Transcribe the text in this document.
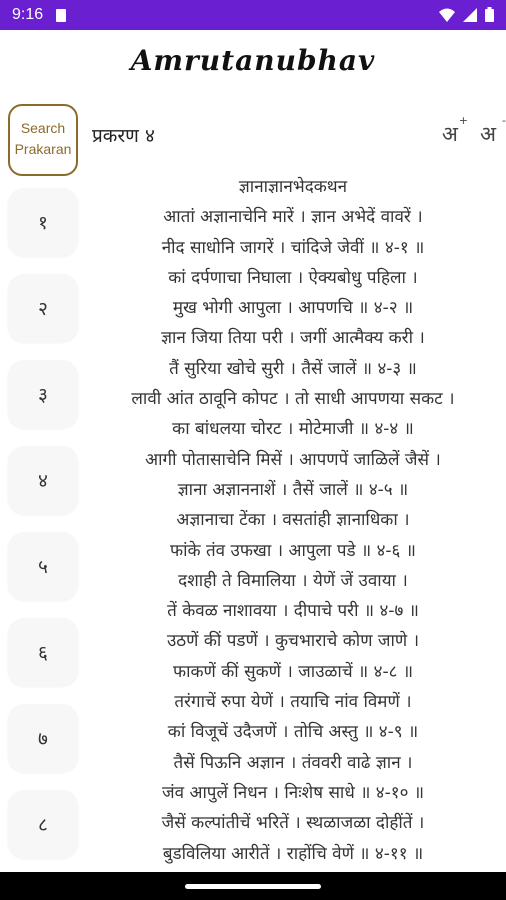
9:16
Amrutanubhav
Search
Prakaran
प्रकरण ४	अ
+
अ
-
१
२
३
४
५
६
७
८
ज्ञानाज्ञानभेदकथन
आतां अज्ञानाचेनि मारें । ज्ञान अभेदें वावरें ।
नीद साधोनि जागरें । चांदिजे जेवीं ॥ ४-१ ॥
कां दर्पणाचा निघाला । ऐक्यबोधु पहिला ।
मुख भोगी आपुला । आपणचि ॥ ४-२ ॥
ज्ञान जिया तिया परी । जगीं आत्मैक्य करी ।
तैं सुरिया खोचे सुरी । तैसें जालें ॥ ४-३ ॥
लावी आंत ठावूनि कोपट । तो साधी आपणया सकट ।
का बांधलया चोरट । मोटेमाजी ॥ ४-४ ॥
आगी पोतासाचेनि मिसें । आपणपें जाळिलें जैसें ।
ज्ञाना अज्ञाननाशें । तैसें जालें ॥ ४-५ ॥
अज्ञानाचा टेंका । वसतांही ज्ञानाधिका ।
फांके तंव उफखा । आपुला पडे ॥ ४-६ ॥
दशाही ते विमालिया । येणें जें उवाया ।
तें केवळ नाशावया । दीपाचे परी ॥ ४-७ ॥
उठणें कीं पडणें । कुचभाराचे कोण जाणे ।
फाकणें कीं सुकणें । जाउळाचें ॥ ४-८ ॥
तरंगाचें रुपा येणें । तयाचि नांव विमणें ।
कां विजूचें उदैजणें । तोचि अस्तु ॥ ४-९ ॥
तैसें पिऊनि अज्ञान । तंववरी वाढे ज्ञान ।
जंव आपुलें निधन । निःशेष साधे ॥ ४-१० ॥
जैसें कल्पांतीचें भरितें । स्थळाजळा दोहींतें ।
बुडविलिया आरीतें । राहोंचि वेणें ॥ ४-११ ॥
